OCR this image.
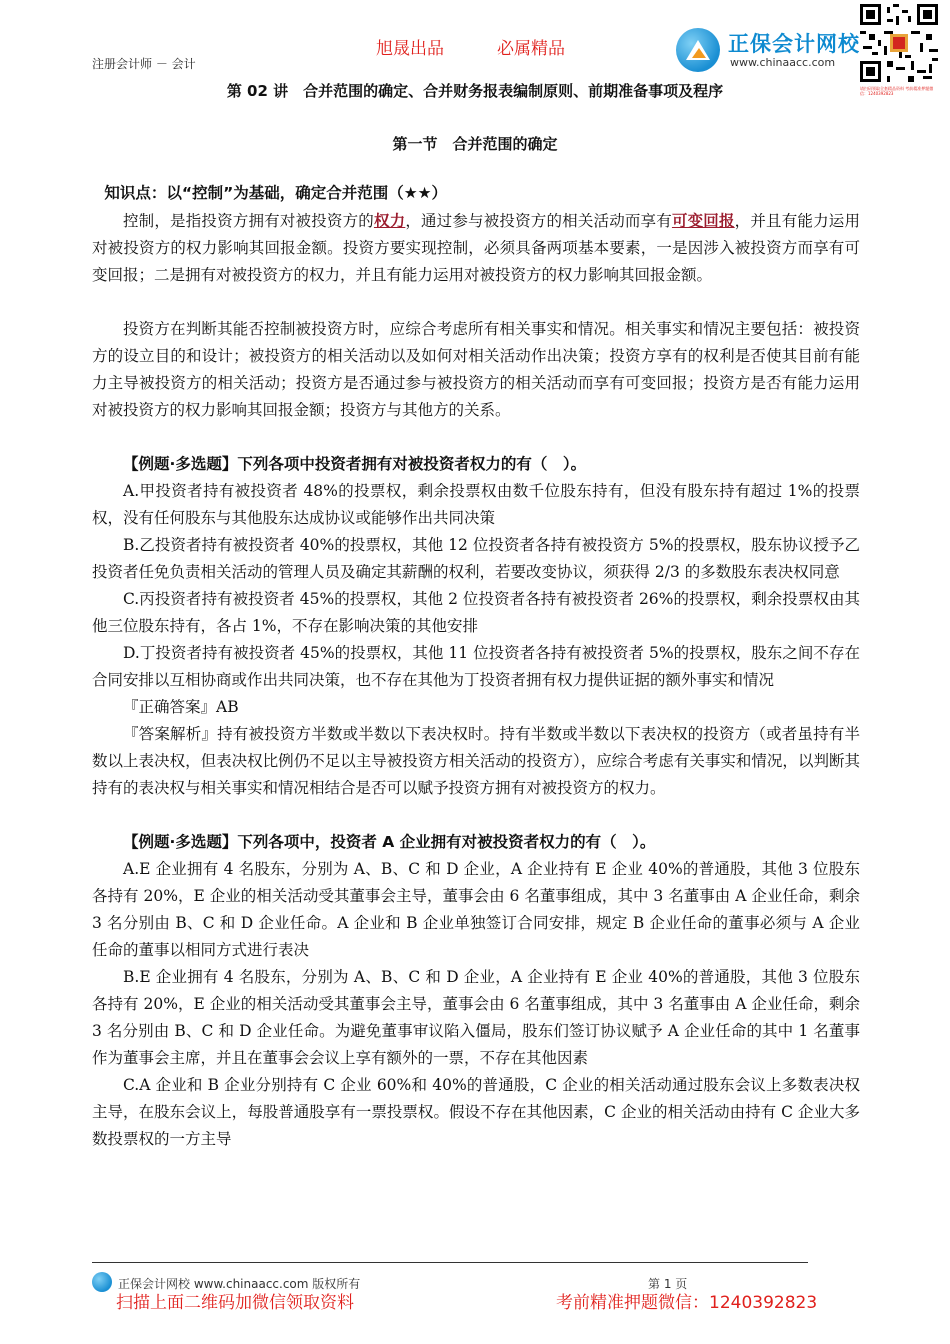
旭晟出品	必属精品
注册会计师 － 会计
正保会计网校
www.chinaacc.com
请扫码领取全套精品资料 考前精准押题微信：1240392823
第 02 讲　合并范围的确定、合并财务报表编制原则、前期准备事项及程序
第一节　合并范围的确定

知识点：以“控制”为基础，确定合并范围（★★）

控制，是指投资方拥有对被投资方的权力，通过参与被投资方的相关活动而享有可变回报，并且有能力运用对被投资方的权力影响其回报金额。投资方要实现控制，必须具备两项基本要素，一是因涉入被投资方而享有可变回报；二是拥有对被投资方的权力，并且有能力运用对被投资方的权力影响其回报金额。

投资方在判断其能否控制被投资方时，应综合考虑所有相关事实和情况。相关事实和情况主要包括：被投资方的设立目的和设计；被投资方的相关活动以及如何对相关活动作出决策；投资方享有的权利是否使其目前有能力主导被投资方的相关活动；投资方是否通过参与被投资方的相关活动而享有可变回报；投资方是否有能力运用对被投资方的权力影响其回报金额；投资方与其他方的关系。

【例题·多选题】下列各项中投资者拥有对被投资者权力的有（　）。

A.甲投资者持有被投资者 48%的投票权，剩余投票权由数千位股东持有，但没有股东持有超过 1%的投票权，没有任何股东与其他股东达成协议或能够作出共同决策

B.乙投资者持有被投资者 40%的投票权，其他 12 位投资者各持有被投资方 5%的投票权，股东协议授予乙投资者任免负责相关活动的管理人员及确定其薪酬的权利，若要改变协议，须获得 2/3 的多数股东表决权同意

C.丙投资者持有被投资者 45%的投票权，其他 2 位投资者各持有被投资者 26%的投票权，剩余投票权由其他三位股东持有，各占 1%，不存在影响决策的其他安排

D.丁投资者持有被投资者 45%的投票权，其他 11 位投资者各持有被投资者 5%的投票权，股东之间不存在合同安排以互相协商或作出共同决策，也不存在其他为丁投资者拥有权力提供证据的额外事实和情况

『正确答案』AB

『答案解析』持有被投资方半数或半数以下表决权时。持有半数或半数以下表决权的投资方（或者虽持有半数以上表决权，但表决权比例仍不足以主导被投资方相关活动的投资方），应综合考虑有关事实和情况，以判断其持有的表决权与相关事实和情况相结合是否可以赋予投资方拥有对被投资方的权力。

【例题·多选题】下列各项中，投资者 A 企业拥有对被投资者权力的有（　）。

A.E 企业拥有 4 名股东，分别为 A、B、C 和 D 企业，A 企业持有 E 企业 40%的普通股，其他 3 位股东各持有 20%，E 企业的相关活动受其董事会主导，董事会由 6 名董事组成，其中 3 名董事由 A 企业任命，剩余 3 名分别由 B、C 和 D 企业任命。A 企业和 B 企业单独签订合同安排，规定 B 企业任命的董事必须与 A 企业任命的董事以相同方式进行表决

B.E 企业拥有 4 名股东，分别为 A、B、C 和 D 企业，A 企业持有 E 企业 40%的普通股，其他 3 位股东各持有 20%，E 企业的相关活动受其董事会主导，董事会由 6 名董事组成，其中 3 名董事由 A 企业任命，剩余 3 名分别由 B、C 和 D 企业任命。为避免董事审议陷入僵局，股东们签订协议赋予 A 企业任命的其中 1 名董事作为董事会主席，并且在董事会会议上享有额外的一票，不存在其他因素

C.A 企业和 B 企业分别持有 C 企业 60%和 40%的普通股，C 企业的相关活动通过股东会议上多数表决权主导，在股东会议上，每股普通股享有一票投票权。假设不存在其他因素，C 企业的相关活动由持有 C 企业大多数投票权的一方主导

正保会计网校 www.chinaacc.com 版权所有	第 1 页
扫描上面二维码加微信领取资料	考前精准押题微信：1240392823
